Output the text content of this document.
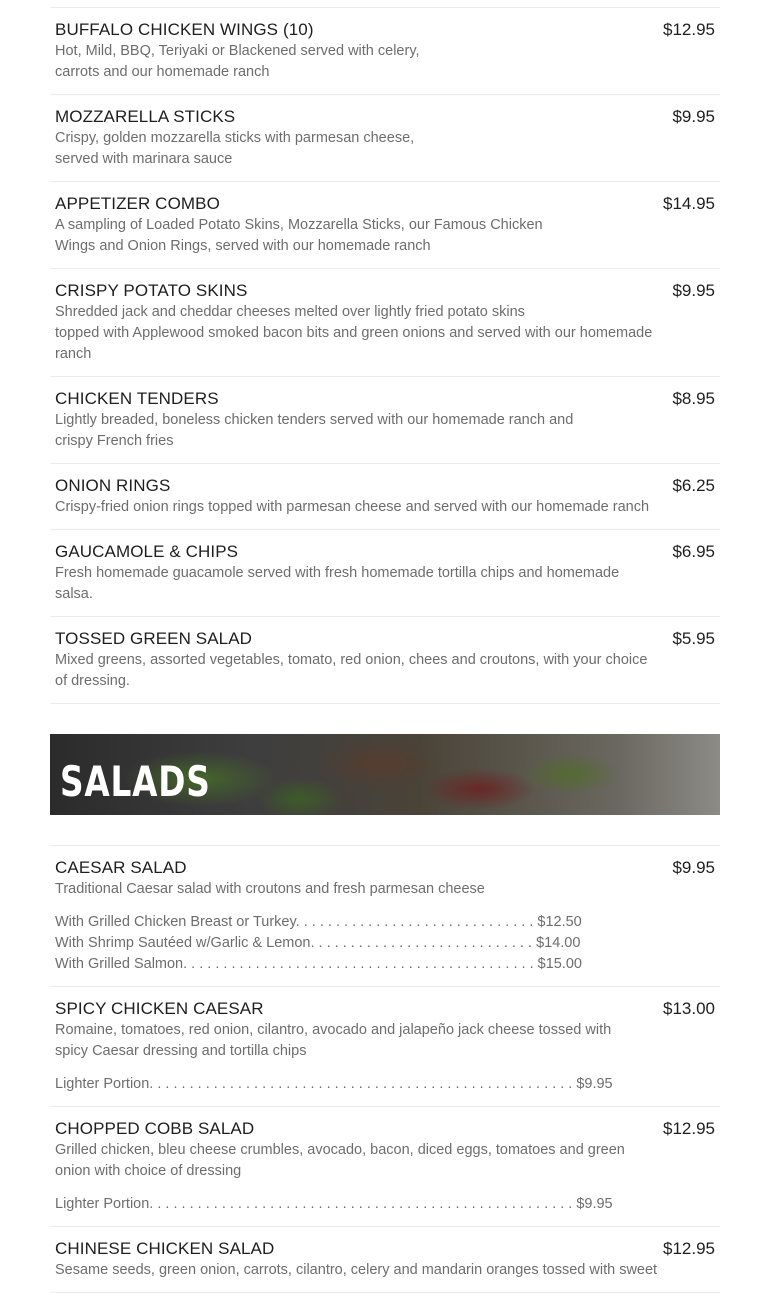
BUFFALO CHICKEN WINGS (10)	$12.95
Hot, Mild, BBQ, Teriyaki or Blackened served with celery, carrots and our homemade ranch
MOZZARELLA STICKS	$9.95
Crispy, golden mozzarella sticks with parmesan cheese, served with marinara sauce
APPETIZER COMBO	$14.95
A sampling of Loaded Potato Skins, Mozzarella Sticks, our Famous Chicken Wings and Onion Rings, served with our homemade ranch
CRISPY POTATO SKINS	$9.95
Shredded jack and cheddar cheeses melted over lightly fried potato skins
topped with Applewood smoked bacon bits and green onions and served with our homemade ranch
CHICKEN TENDERS	$8.95
Lightly breaded, boneless chicken tenders served with our homemade ranch and crispy French fries
ONION RINGS	$6.25
Crispy-fried onion rings topped with parmesan cheese and served with our homemade ranch
GAUCAMOLE & CHIPS	$6.95
Fresh homemade guacamole served with fresh homemade tortilla chips and homemade salsa.
TOSSED GREEN SALAD	$5.95
Mixed greens, assorted vegetables, tomato, red onion, chees and croutons, with your choice of dressing.
SALADS
CAESAR SALAD	$9.95
Traditional Caesar salad with croutons and fresh parmesan cheese
With Grilled Chicken Breast or Turkey. . . . . . . . . . . . . . . . . . . . . . . . . . . . . . $12.50
With Shrimp Sautéed w/Garlic & Lemon. . . . . . . . . . . . . . . . . . . . . . . . . . . . $14.00
With Grilled Salmon. . . . . . . . . . . . . . . . . . . . . . . . . . . . . . . . . . . . . . . . . . . . $15.00
SPICY CHICKEN CAESAR	$13.00
Romaine, tomatoes, red onion, cilantro, avocado and jalapeño jack cheese tossed with spicy Caesar dressing and tortilla chips
Lighter Portion. . . . . . . . . . . . . . . . . . . . . . . . . . . . . . . . . . . . . . . . . . . . . . . . . . . . . $9.95
CHOPPED COBB SALAD	$12.95
Grilled chicken, bleu cheese crumbles, avocado, bacon, diced eggs, tomatoes and green onion with choice of dressing
Lighter Portion. . . . . . . . . . . . . . . . . . . . . . . . . . . . . . . . . . . . . . . . . . . . . . . . . . . . . $9.95
CHINESE CHICKEN SALAD	$12.95
Sesame seeds, green onion, carrots, cilantro, celery and mandarin oranges tossed with sweet
